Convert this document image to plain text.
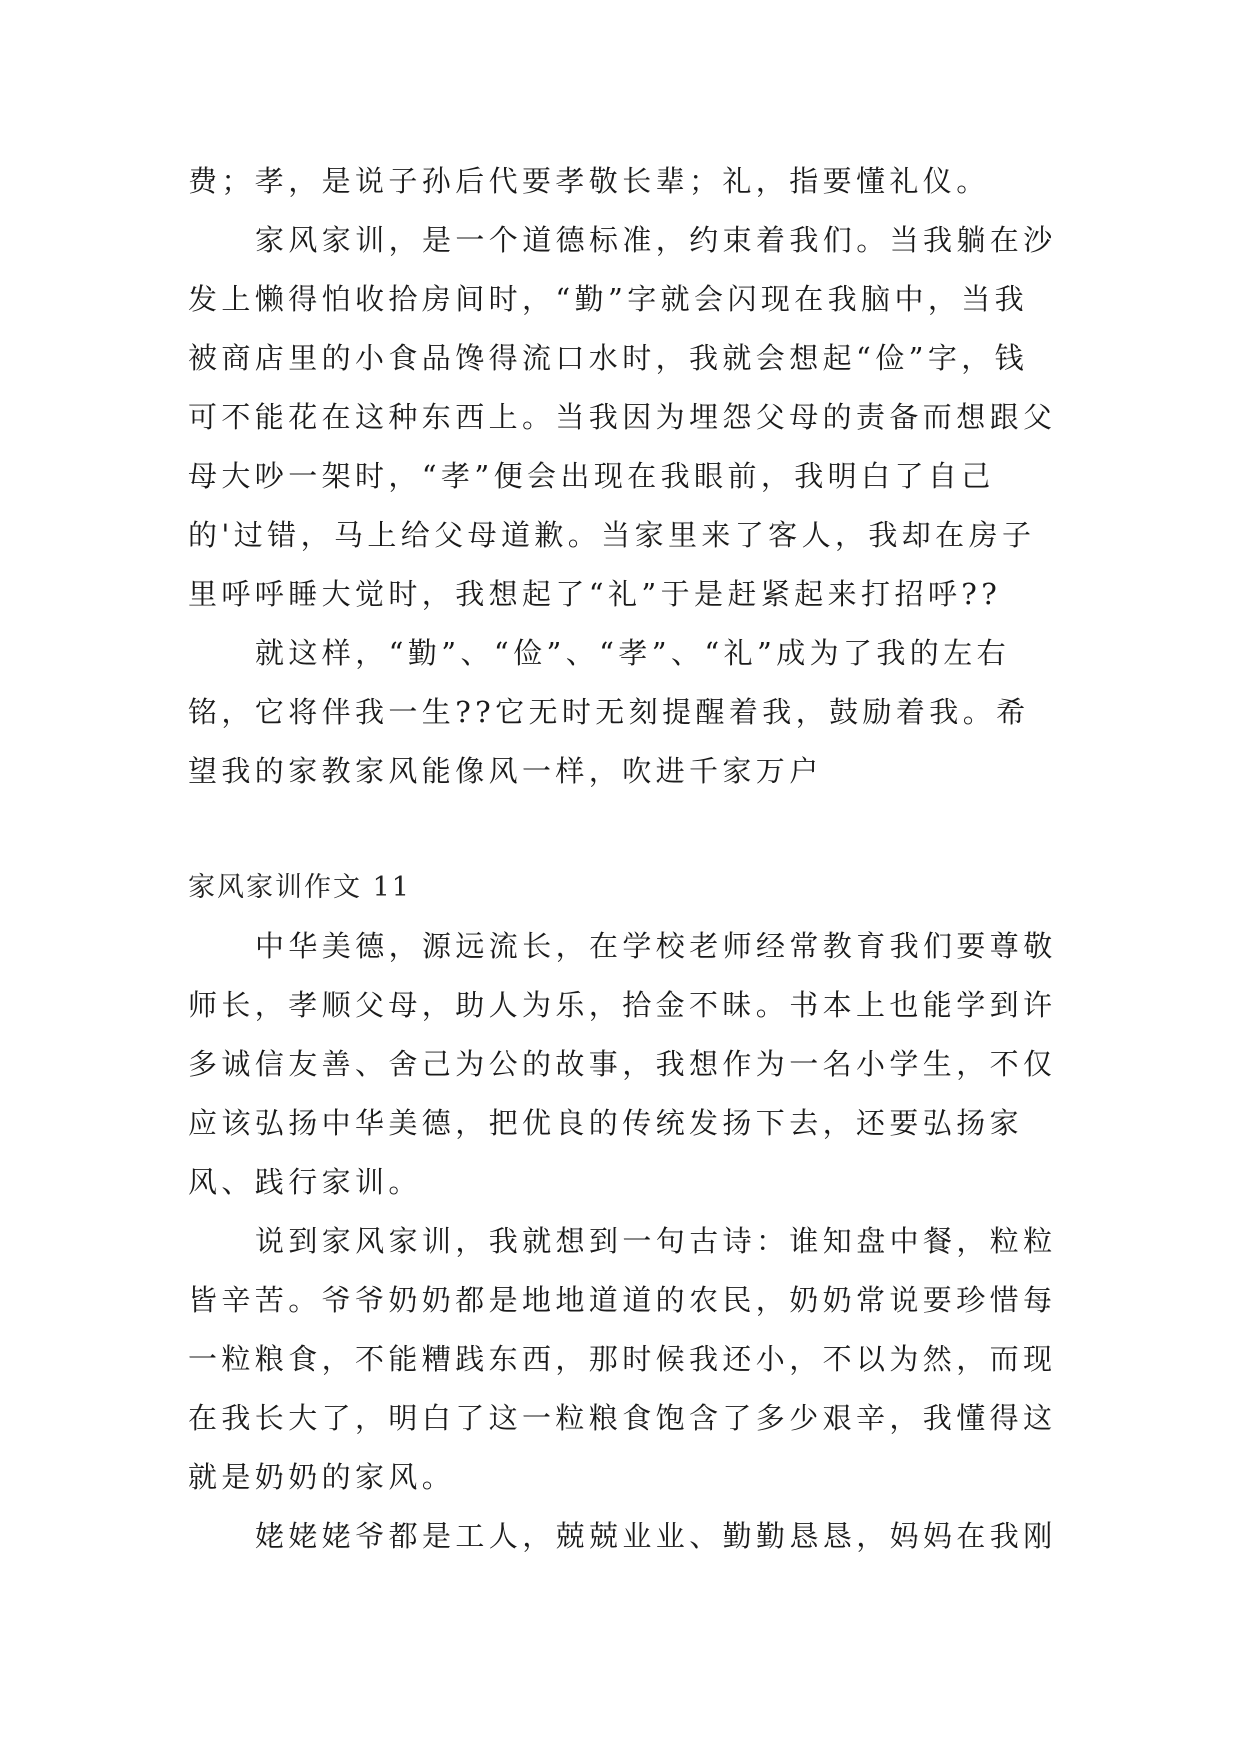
费；孝，是说子孙后代要孝敬长辈；礼，指要懂礼仪。

家风家训，是一个道德标准，约束着我们。当我躺在沙发上懒得怕收拾房间时，“勤”字就会闪现在我脑中，当我被商店里的小食品馋得流口水时，我就会想起“俭”字，钱可不能花在这种东西上。当我因为埋怨父母的责备而想跟父母大吵一架时，“孝”便会出现在我眼前，我明白了自己的'过错，马上给父母道歉。当家里来了客人，我却在房子里呼呼睡大觉时，我想起了“礼”于是赶紧起来打招呼??

就这样，“勤”、“俭”、“孝”、“礼”成为了我的左右铭，它将伴我一生??它无时无刻提醒着我，鼓励着我。希望我的家教家风能像风一样，吹进千家万户

家风家训作文 11

中华美德，源远流长，在学校老师经常教育我们要尊敬师长，孝顺父母，助人为乐，拾金不昧。书本上也能学到许多诚信友善、舍己为公的故事，我想作为一名小学生，不仅应该弘扬中华美德，把优良的传统发扬下去，还要弘扬家风、践行家训。

说到家风家训，我就想到一句古诗：谁知盘中餐，粒粒皆辛苦。爷爷奶奶都是地地道道的农民，奶奶常说要珍惜每一粒粮食，不能糟践东西，那时候我还小，不以为然，而现在我长大了，明白了这一粒粮食饱含了多少艰辛，我懂得这就是奶奶的家风。

姥姥姥爷都是工人，兢兢业业、勤勤恳恳，妈妈在我刚
